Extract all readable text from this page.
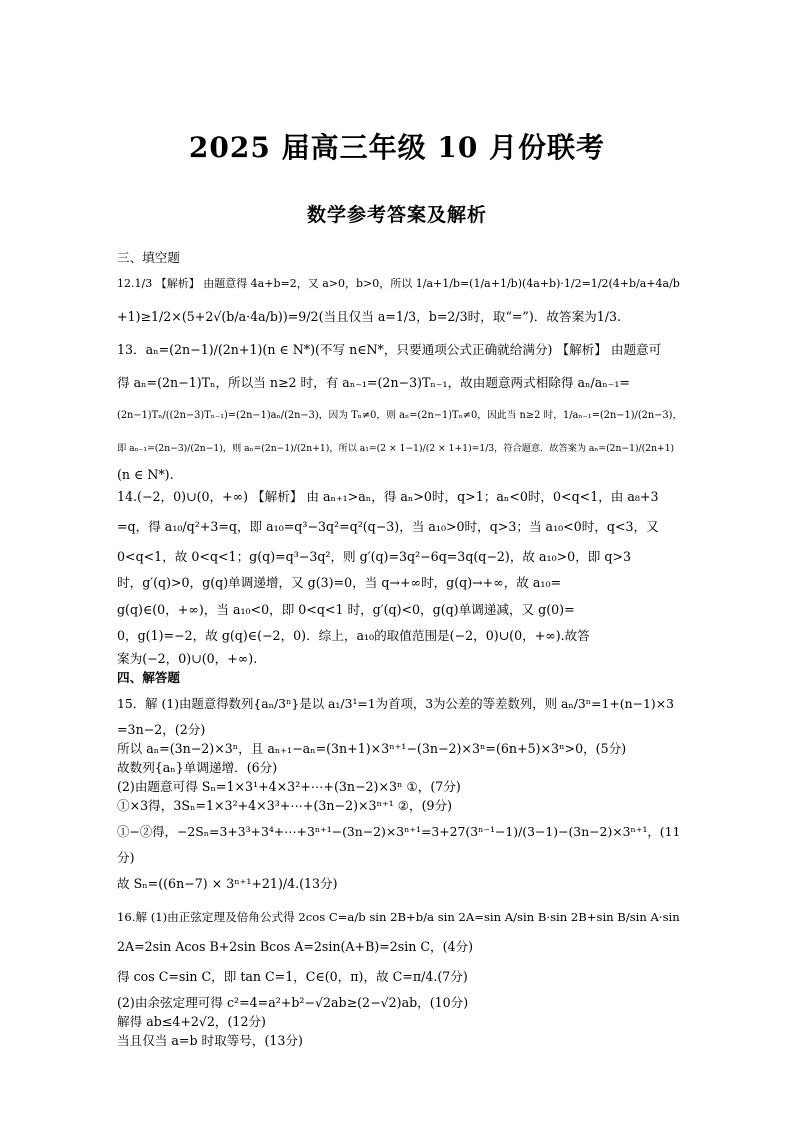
2025 届高三年级 10 月份联考
数学参考答案及解析
三、填空题
12.1/3 【解析】 由题意得 4a+b=2，又 a>0，b>0，所以 1/a+1/b=(1/a+1/b)(4a+b)·1/2=1/2(4+b/a+4a/b
+1)≥1/2×(5+2√(b/a·4a/b))=9/2(当且仅当 a=1/3，b=2/3时，取“=”)．故答案为1/3.
13．aₙ=(2n−1)/(2n+1)(n ∈ N*)(不写 n∈N*，只要通项公式正确就给满分) 【解析】 由题意可
得 aₙ=(2n−1)Tₙ，所以当 n≥2 时，有 aₙ₋₁=(2n−3)Tₙ₋₁，故由题意两式相除得 aₙ/aₙ₋₁=
(2n−1)Tₙ/((2n−3)Tₙ₋₁)=(2n−1)aₙ/(2n−3)，因为 Tₙ≠0，则 aₙ=(2n−1)Tₙ≠0，因此当 n≥2 时，1/aₙ₋₁=(2n−1)/(2n−3)，
即 aₙ₋₁=(2n−3)/(2n−1)，则 aₙ=(2n−1)/(2n+1)，所以 a₁=(2 × 1−1)/(2 × 1+1)=1/3，符合题意．故答案为 aₙ=(2n−1)/(2n+1)
(n ∈ N*).
14.(−2，0)∪(0，+∞) 【解析】 由 aₙ₊₁>aₙ，得 aₙ>0时，q>1；aₙ<0时，0<q<1，由 a₈+3
=q，得 a₁₀/q²+3=q，即 a₁₀=q³−3q²=q²(q−3)，当 a₁₀>0时，q>3；当 a₁₀<0时，q<3，又
0<q<1，故 0<q<1；g(q)=q³−3q²，则 g′(q)=3q²−6q=3q(q−2)，故 a₁₀>0，即 q>3
时，g′(q)>0，g(q)单调递增，又 g(3)=0，当 q→+∞时，g(q)→+∞，故 a₁₀=
g(q)∈(0，+∞)，当 a₁₀<0，即 0<q<1 时，g′(q)<0，g(q)单调递减，又 g(0)=
0，g(1)=−2，故 g(q)∈(−2，0)．综上，a₁₀的取值范围是(−2，0)∪(0，+∞).故答
案为(−2，0)∪(0，+∞).
四、解答题
15．解 (1)由题意得数列{aₙ/3ⁿ}是以 a₁/3¹=1为首项，3为公差的等差数列，则 aₙ/3ⁿ=1+(n−1)×3
=3n−2，(2分)
所以 aₙ=(3n−2)×3ⁿ，且 aₙ₊₁−aₙ=(3n+1)×3ⁿ⁺¹−(3n−2)×3ⁿ=(6n+5)×3ⁿ>0，(5分)
故数列{aₙ}单调递增．(6分)
(2)由题意可得 Sₙ=1×3¹+4×3²+⋯+(3n−2)×3ⁿ ①，(7分)
①×3得，3Sₙ=1×3²+4×3³+⋯+(3n−2)×3ⁿ⁺¹ ②，(9分)
①−②得，−2Sₙ=3+3³+3⁴+⋯+3ⁿ⁺¹−(3n−2)×3ⁿ⁺¹=3+27(3ⁿ⁻¹−1)/(3−1)−(3n−2)×3ⁿ⁺¹，(11
分)
故 Sₙ=((6n−7) × 3ⁿ⁺¹+21)/4.(13分)
16.解 (1)由正弦定理及倍角公式得 2cos C=a/b sin 2B+b/a sin 2A=sin A/sin B·sin 2B+sin B/sin A·sin
2A=2sin Acos B+2sin Bcos A=2sin(A+B)=2sin C，(4分)
得 cos C=sin C，即 tan C=1，C∈(0，π)，故 C=π/4.(7分)
(2)由余弦定理可得 c²=4=a²+b²−√2ab≥(2−√2)ab，(10分)
解得 ab≤4+2√2，(12分)
当且仅当 a=b 时取等号，(13分)
